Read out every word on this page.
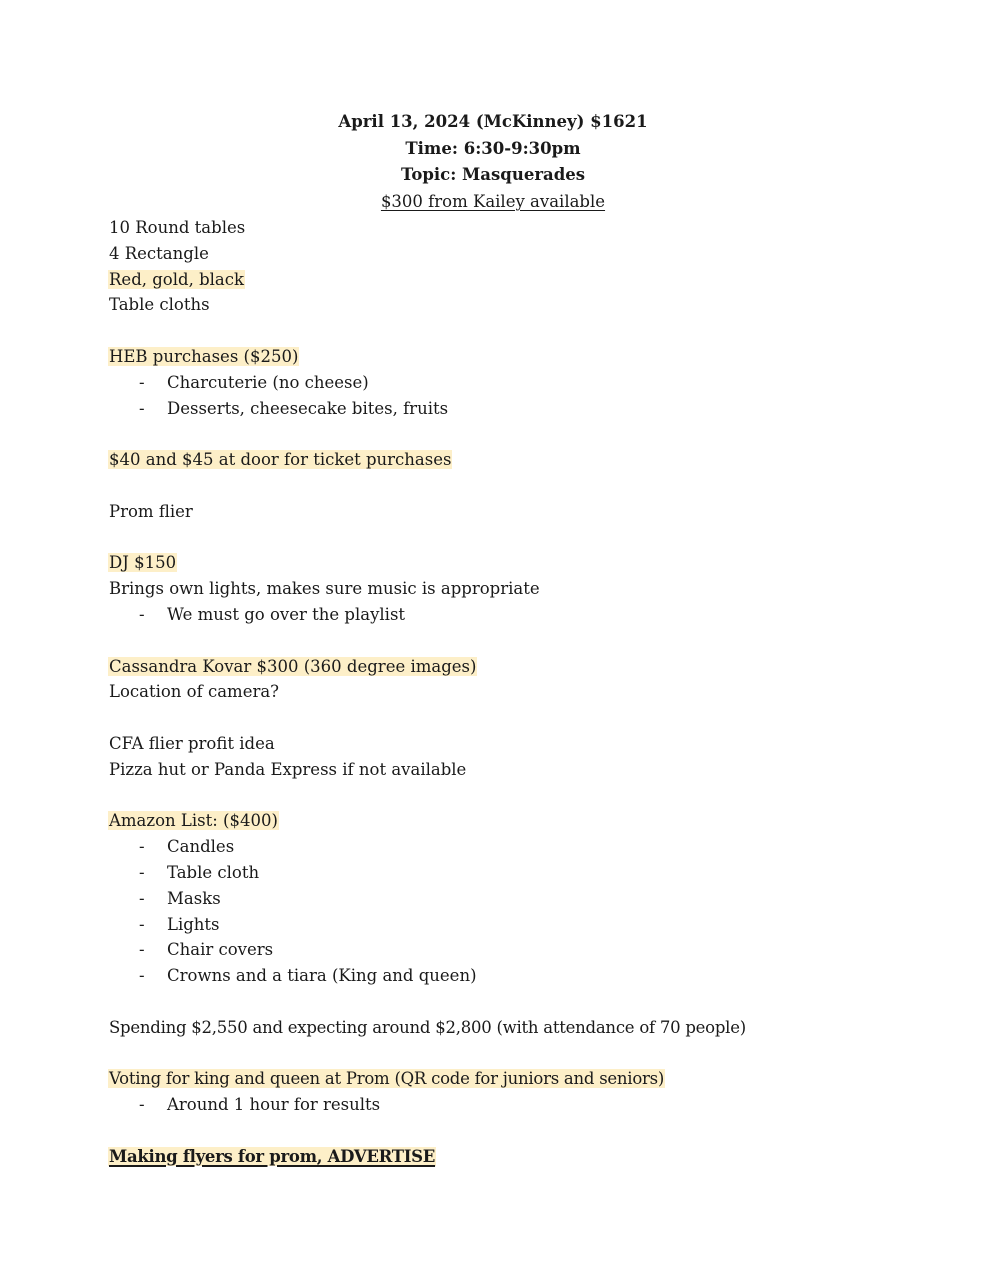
April 13, 2024 (McKinney) $1621
Time: 6:30-9:30pm
Topic: Masquerades
$300 from Kailey available
10 Round tables
4 Rectangle
Red, gold, black
Table cloths
HEB purchases ($250)
- Charcuterie (no cheese)
- Desserts, cheesecake bites, fruits
$40 and $45 at door for ticket purchases
Prom flier
DJ $150
Brings own lights, makes sure music is appropriate
- We must go over the playlist
Cassandra Kovar $300 (360 degree images)
Location of camera?
CFA flier profit idea
Pizza hut or Panda Express if not available
Amazon List: ($400)
- Candles
- Table cloth
- Masks
- Lights
- Chair covers
- Crowns and a tiara (King and queen)
Spending $2,550 and expecting around $2,800 (with attendance of 70 people)
Voting for king and queen at Prom (QR code for juniors and seniors)
- Around 1 hour for results
Making flyers for prom, ADVERTISE
